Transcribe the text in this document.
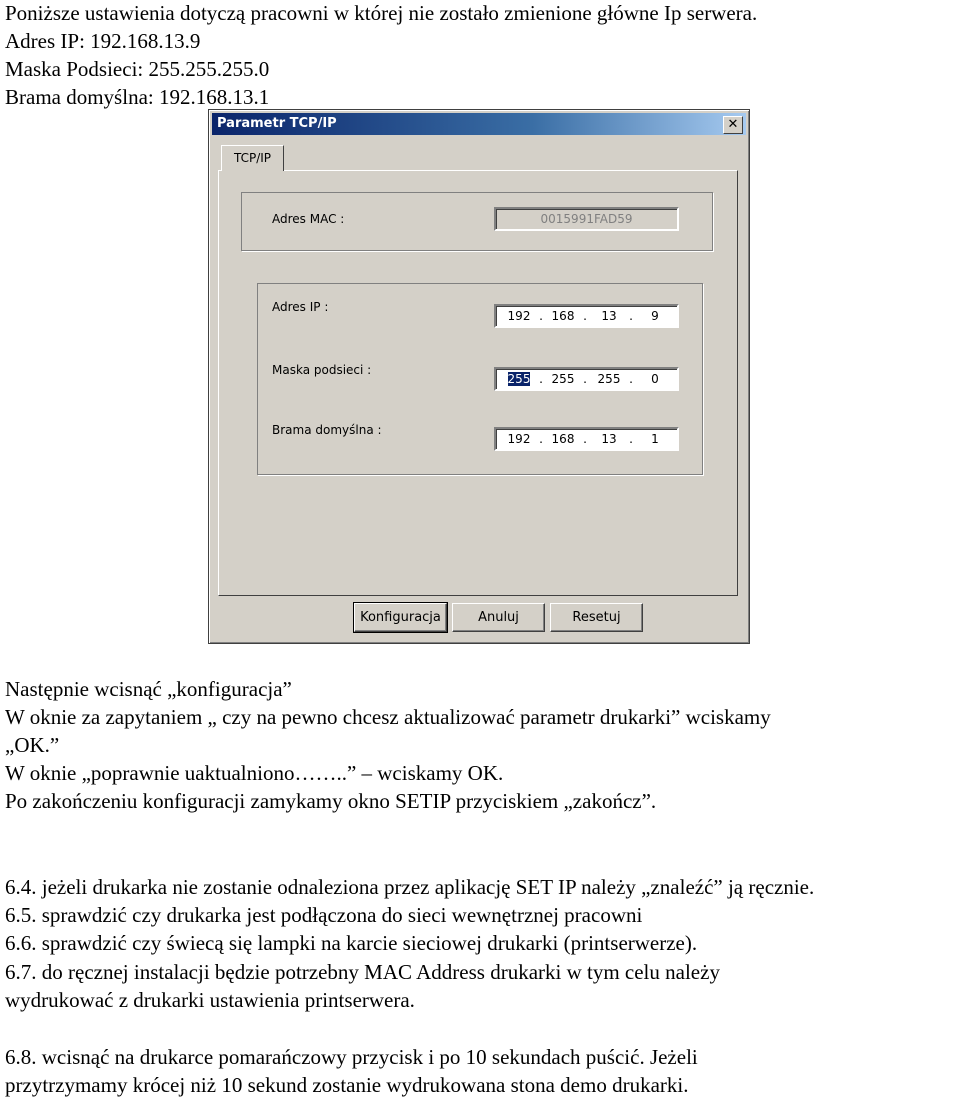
Poniższe ustawienia dotyczą pracowni w której nie zostało zmienione główne Ip serwera.
Adres IP: 192.168.13.9
Maska Podsieci: 255.255.255.0
Brama domyślna: 192.168.13.1
Parametr TCP/IP	✕
TCP/IP
Adres MAC :	0015991FAD59
Adres IP :
192 . 168 .	13	.	9
Maska podsieci :
255 . 255 . 255 .	0
Brama domyślna :
192 . 168 .	13	.	1
Konfiguracja	Anuluj	Resetuj
Następnie wcisnąć „konfiguracja”
W oknie za zapytaniem „ czy na pewno chcesz aktualizować parametr drukarki” wciskamy
„OK.”
W oknie „poprawnie uaktualniono……..” – wciskamy OK.
Po zakończeniu konfiguracji zamykamy okno SETIP przyciskiem „zakończ”.
6.4. jeżeli drukarka nie zostanie odnaleziona przez aplikację SET IP należy „znaleźć” ją ręcznie.
6.5. sprawdzić czy drukarka jest podłączona do sieci wewnętrznej pracowni
6.6. sprawdzić czy świecą się lampki na karcie sieciowej drukarki (printserwerze).
6.7. do ręcznej instalacji będzie potrzebny MAC Address drukarki w tym celu należy
wydrukować z drukarki ustawienia printserwera.
6.8. wcisnąć na drukarce pomarańczowy przycisk i po 10 sekundach puścić. Jeżeli
przytrzymamy krócej niż 10 sekund zostanie wydrukowana stona demo drukarki.
